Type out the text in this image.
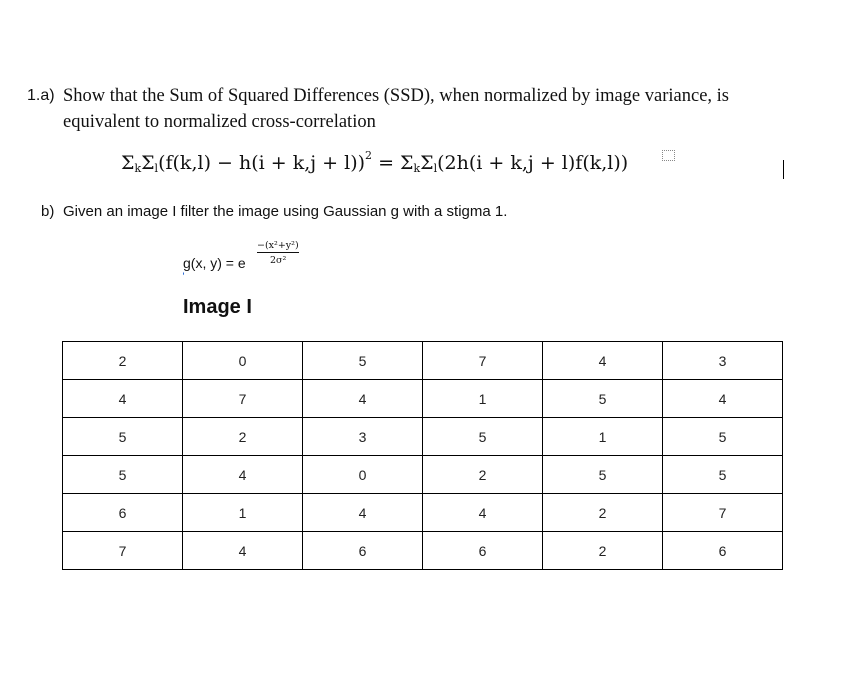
1.a) Show that the Sum of Squared Differences (SSD), when normalized by image variance, is
equivalent to normalized cross-correlation
$\Sigma_k\Sigma_l(f(k,l) - h(i + k,j + l))^2 = \Sigma_k\Sigma_l(2h(i + k,j + l)f(k,l))$
b) Given an image I filter the image using Gaussian g with a stigma 1.
g(x, y) = e
−(x²+y²)
2σ²
Image I
2	0	5	7	4	3
4	7	4	1	5	4
5	2	3	5	1	5
5	4	0	2	5	5
6	1	4	4	2	7
7	4	6	6	2	6
